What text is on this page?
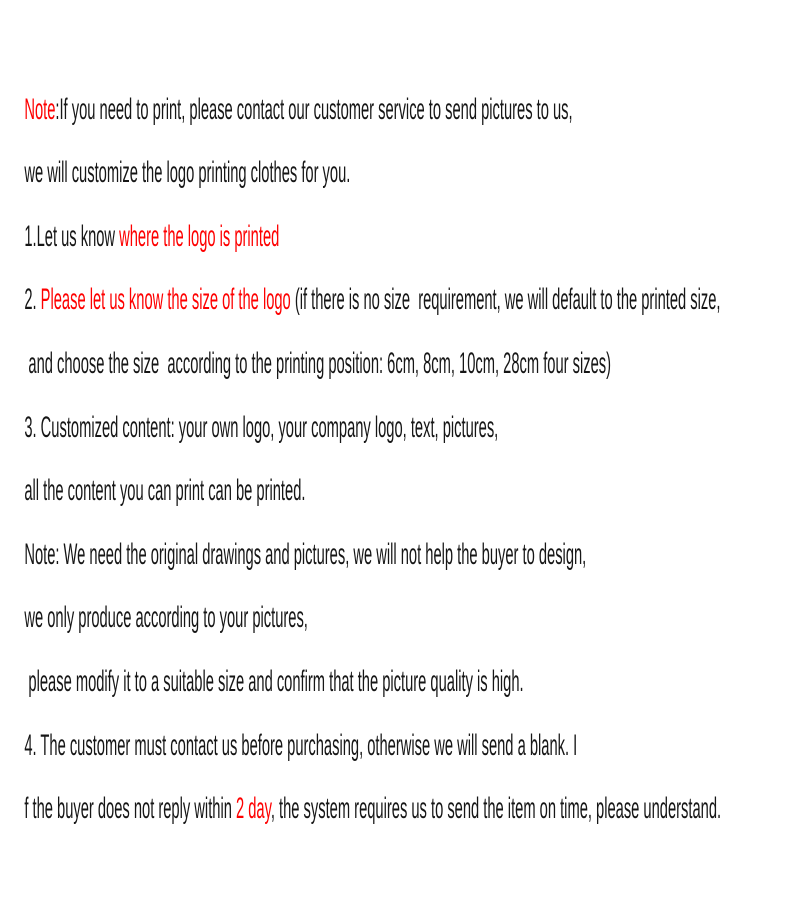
Note:If you need to print, please contact our customer service to send pictures to us,

we will customize the logo printing clothes for you.

1.Let us know where the logo is printed

2. Please let us know the size of the logo (if there is no size  requirement, we will default to the printed size,

and choose the size  according to the printing position: 6cm, 8cm, 10cm, 28cm four sizes)

3. Customized content: your own logo, your company logo, text, pictures,

all the content you can print can be printed.

Note: We need the original drawings and pictures, we will not help the buyer to design,

we only produce according to your pictures,

please modify it to a suitable size and confirm that the picture quality is high.

4. The customer must contact us before purchasing, otherwise we will send a blank. I

f the buyer does not reply within 2 day, the system requires us to send the item on time, please understand.
